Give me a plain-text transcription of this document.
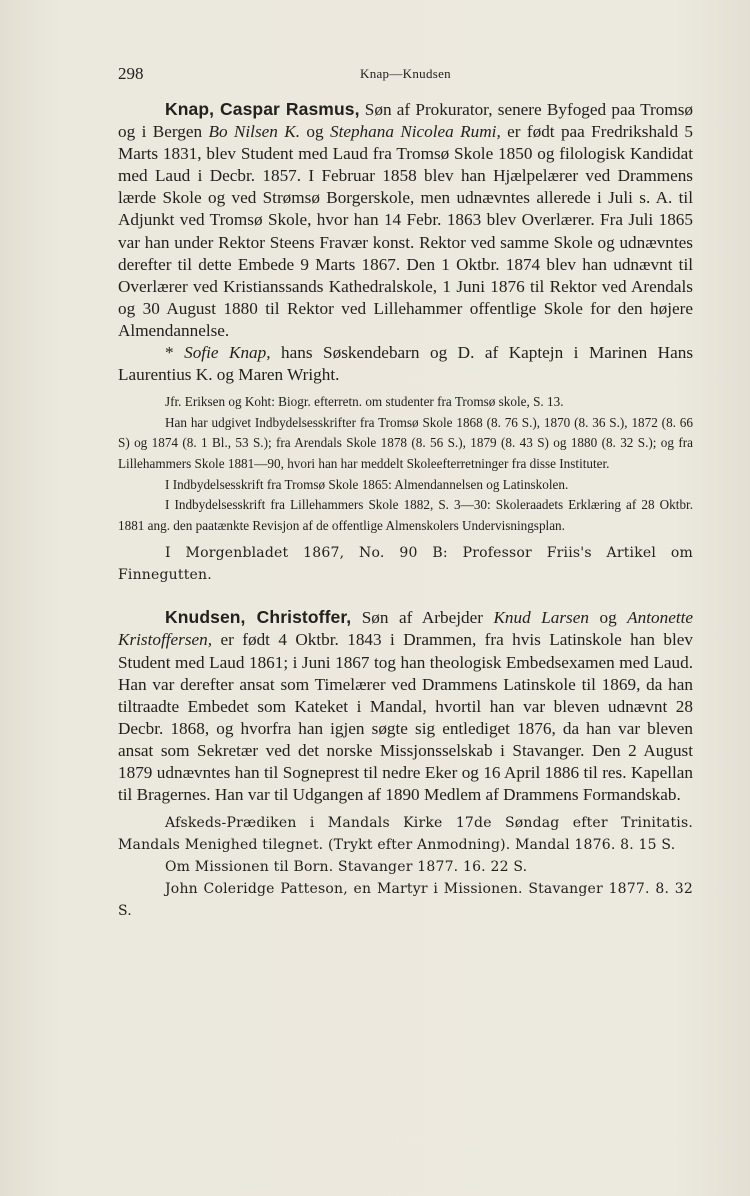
298	Knap—Knudsen

Knap, Caspar Rasmus, Søn af Prokurator, senere Byfoged paa Tromsø og i Bergen Bo Nilsen K. og Stephana Nicolea Rumi, er født paa Fredrikshald 5 Marts 1831, blev Student med Laud fra Tromsø Skole 1850 og filologisk Kandidat med Laud i Decbr. 1857. I Februar 1858 blev han Hjælpelærer ved Drammens lærde Skole og ved Strømsø Borgerskole, men udnævntes allerede i Juli s. A. til Adjunkt ved Tromsø Skole, hvor han 14 Febr. 1863 blev Overlærer. Fra Juli 1865 var han under Rektor Steens Fravær konst. Rektor ved samme Skole og udnævntes derefter til dette Embede 9 Marts 1867. Den 1 Oktbr. 1874 blev han udnævnt til Overlærer ved Kristianssands Kathedralskole, 1 Juni 1876 til Rektor ved Arendals og 30 August 1880 til Rektor ved Lillehammer offentlige Skole for den højere Almendannelse.

* Sofie Knap, hans Søskendebarn og D. af Kaptejn i Marinen Hans Laurentius K. og Maren Wright.

Jfr. Eriksen og Koht: Biogr. efterretn. om studenter fra Tromsø skole, S. 13.

Han har udgivet Indbydelsesskrifter fra Tromsø Skole 1868 (8. 76 S.), 1870 (8. 36 S.), 1872 (8. 66 S) og 1874 (8. 1 Bl., 53 S.); fra Arendals Skole 1878 (8. 56 S.), 1879 (8. 43 S) og 1880 (8. 32 S.); og fra Lillehammers Skole 1881—90, hvori han har meddelt Skoleefterretninger fra disse Instituter.

I Indbydelsesskrift fra Tromsø Skole 1865: Almendannelsen og Latinskolen.

I Indbydelsesskrift fra Lillehammers Skole 1882, S. 3—30: Skoleraadets Erklæring af 28 Oktbr. 1881 ang. den paatænkte Revisjon af de offentlige Almenskolers Undervisningsplan.

I Morgenbladet 1867, No. 90 B: Professor Friis's Artikel om Finnegutten.

Knudsen, Christoffer, Søn af Arbejder Knud Larsen og Antonette Kristoffersen, er født 4 Oktbr. 1843 i Drammen, fra hvis Latinskole han blev Student med Laud 1861; i Juni 1867 tog han theologisk Embedsexamen med Laud. Han var derefter ansat som Timelærer ved Drammens Latinskole til 1869, da han tiltraadte Embedet som Kateket i Mandal, hvortil han var bleven udnævnt 28 Decbr. 1868, og hvorfra han igjen søgte sig entlediget 1876, da han var bleven ansat som Sekretær ved det norske Missjonsselskab i Stavanger. Den 2 August 1879 udnævntes han til Sogneprest til nedre Eker og 16 April 1886 til res. Kapellan til Bragernes. Han var til Udgangen af 1890 Medlem af Drammens Formandskab.

Afskeds-Prædiken i Mandals Kirke 17de Søndag efter Trinitatis. Mandals Menighed tilegnet. (Trykt efter Anmodning). Mandal 1876. 8. 15 S.

Om Missionen til Born. Stavanger 1877. 16. 22 S.

John Coleridge Patteson, en Martyr i Missionen. Stavanger 1877. 8. 32 S.
